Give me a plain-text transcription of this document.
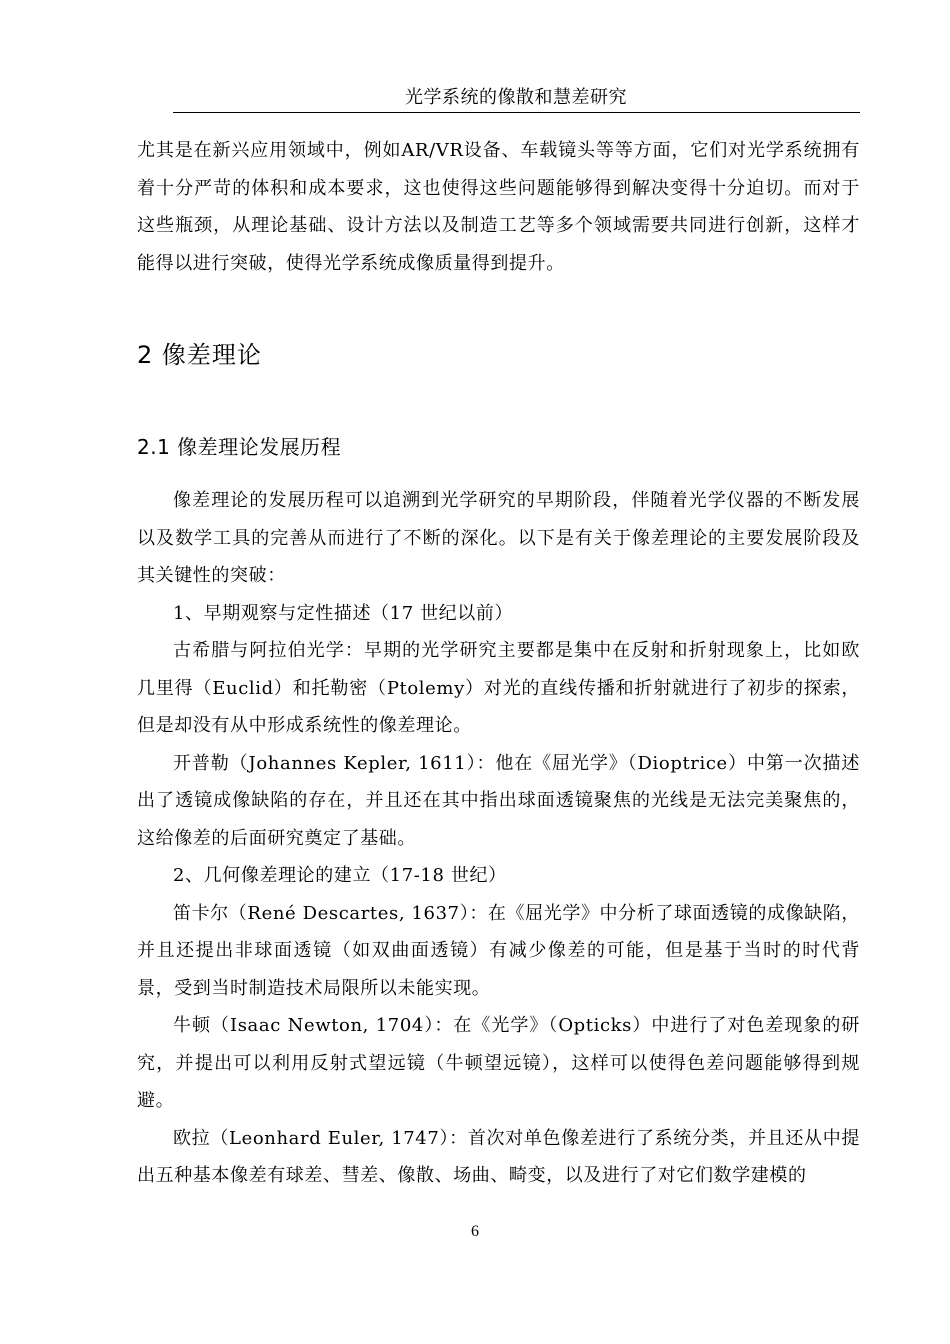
光学系统的像散和慧差研究

尤其是在新兴应用领域中，例如AR/VR设备、车载镜头等等方面，它们对光学系统拥有着十分严苛的体积和成本要求，这也使得这些问题能够得到解决变得十分迫切。而对于这些瓶颈，从理论基础、设计方法以及制造工艺等多个领域需要共同进行创新，这样才能得以进行突破，使得光学系统成像质量得到提升。

2 像差理论
2.1 像差理论发展历程

像差理论的发展历程可以追溯到光学研究的早期阶段，伴随着光学仪器的不断发展以及数学工具的完善从而进行了不断的深化。以下是有关于像差理论的主要发展阶段及其关键性的突破：

1、早期观察与定性描述（17 世纪以前）

古希腊与阿拉伯光学：早期的光学研究主要都是集中在反射和折射现象上，比如欧几里得（Euclid）和托勒密（Ptolemy）对光的直线传播和折射就进行了初步的探索，但是却没有从中形成系统性的像差理论。

开普勒（Johannes Kepler, 1611）：他在《屈光学》（Dioptrice）中第一次描述出了透镜成像缺陷的存在，并且还在其中指出球面透镜聚焦的光线是无法完美聚焦的，这给像差的后面研究奠定了基础。

2、几何像差理论的建立（17-18 世纪）

笛卡尔（René Descartes, 1637）：在《屈光学》中分析了球面透镜的成像缺陷，并且还提出非球面透镜（如双曲面透镜）有减少像差的可能，但是基于当时的时代背景，受到当时制造技术局限所以未能实现。

牛顿（Isaac Newton, 1704）：在《光学》（Opticks）中进行了对色差现象的研究，并提出可以利用反射式望远镜（牛顿望远镜），这样可以使得色差问题能够得到规避。

欧拉（Leonhard Euler, 1747）：首次对单色像差进行了系统分类，并且还从中提出五种基本像差有球差、彗差、像散、场曲、畸变，以及进行了对它们数学建模的

6
